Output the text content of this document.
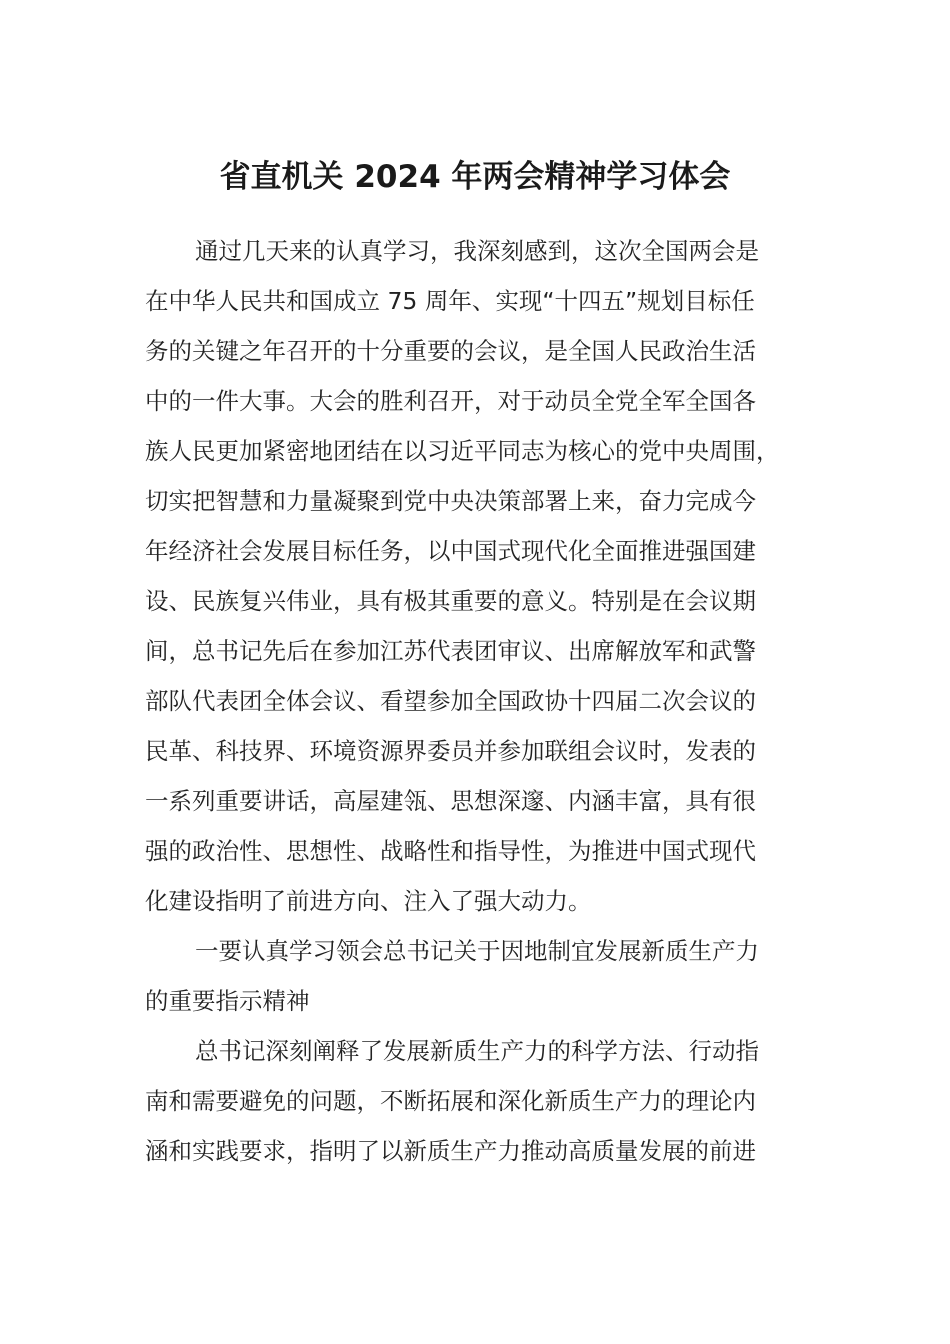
省直机关 2024 年两会精神学习体会
通过几天来的认真学习，我深刻感到，这次全国两会是
在中华人民共和国成立 75 周年、实现“十四五”规划目标任
务的关键之年召开的十分重要的会议，是全国人民政治生活
中的一件大事。大会的胜利召开，对于动员全党全军全国各
族人民更加紧密地团结在以习近平同志为核心的党中央周围，
切实把智慧和力量凝聚到党中央决策部署上来，奋力完成今
年经济社会发展目标任务，以中国式现代化全面推进强国建
设、民族复兴伟业，具有极其重要的意义。特别是在会议期
间，总书记先后在参加江苏代表团审议、出席解放军和武警
部队代表团全体会议、看望参加全国政协十四届二次会议的
民革、科技界、环境资源界委员并参加联组会议时，发表的
一系列重要讲话，高屋建瓴、思想深邃、内涵丰富，具有很
强的政治性、思想性、战略性和指导性，为推进中国式现代
化建设指明了前进方向、注入了强大动力。
一要认真学习领会总书记关于因地制宜发展新质生产力
的重要指示精神
总书记深刻阐释了发展新质生产力的科学方法、行动指
南和需要避免的问题，不断拓展和深化新质生产力的理论内
涵和实践要求，指明了以新质生产力推动高质量发展的前进
